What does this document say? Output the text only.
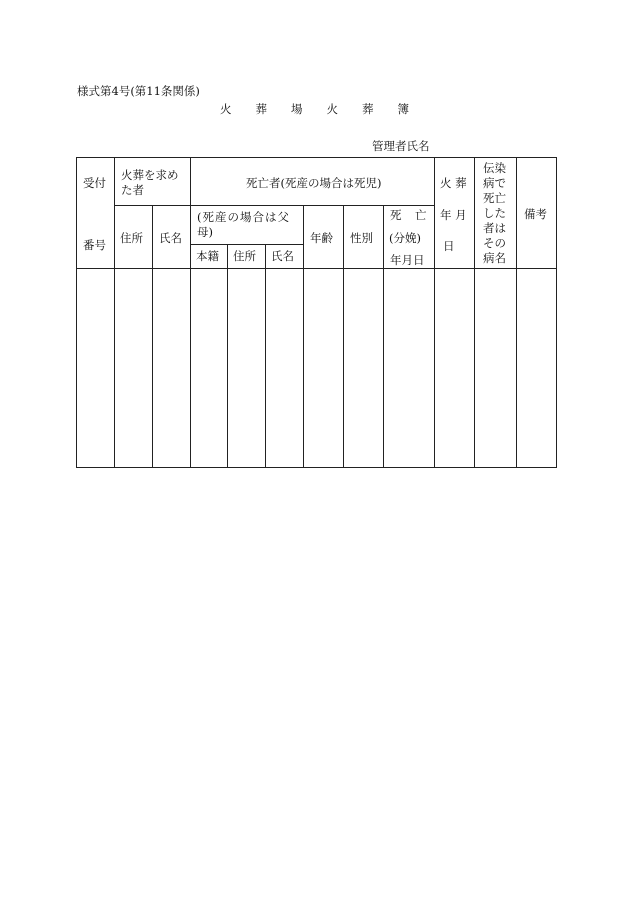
様式第4号(第11条関係)
火 葬 場 火 葬 簿
管理者氏名
受付
番号
火葬を求め
た者
住所 氏名
死亡者(死産の場合は死児)
(死産の場合は父
母)
本籍 住所 氏名
年齢 性別
死　亡
(分娩)
年月日
火 葬
年 月
日
伝染
病で
死亡
した
者は
その
病名
備考
